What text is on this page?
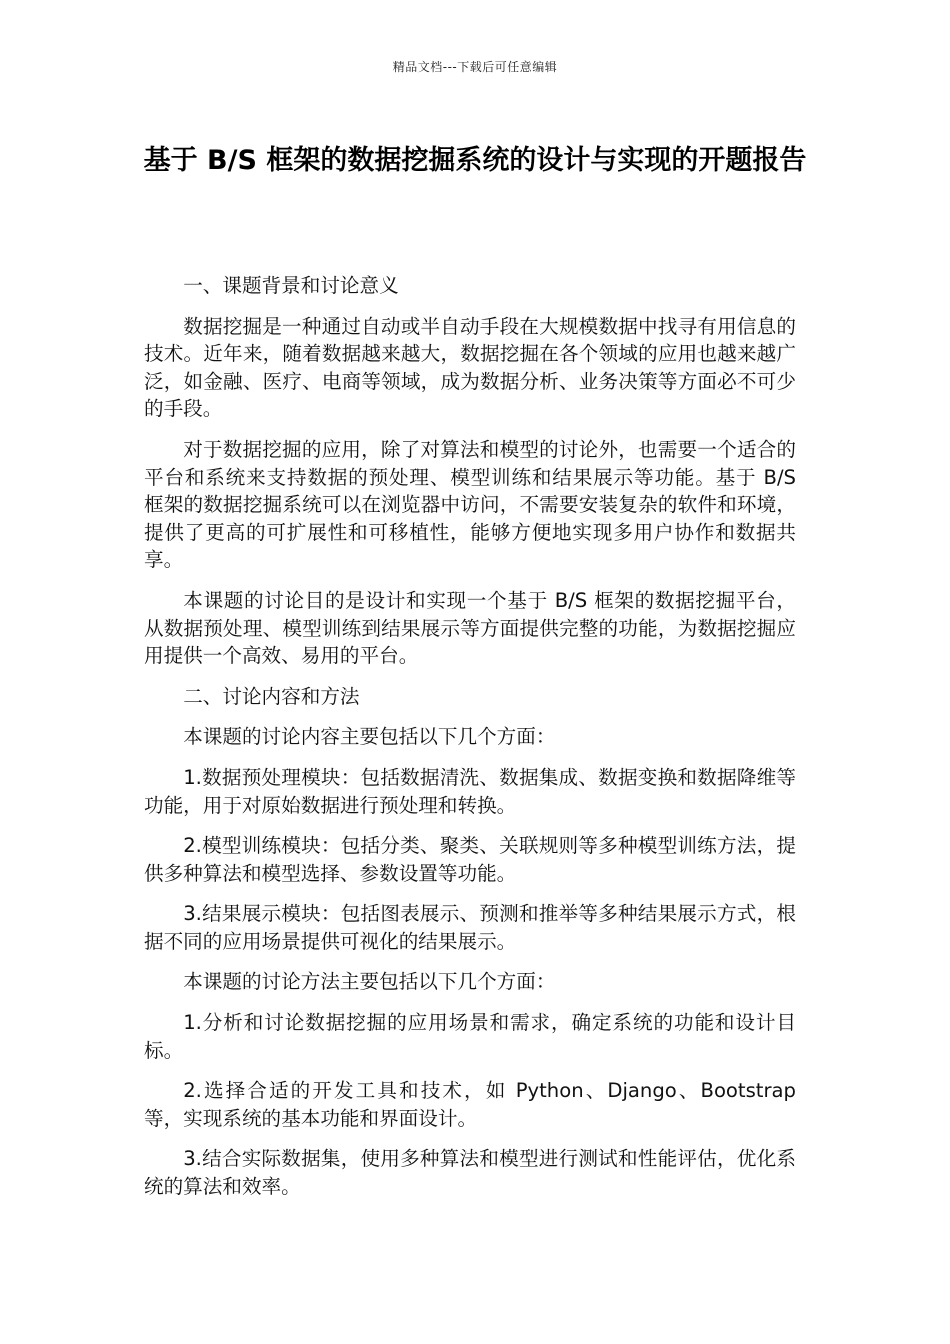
精品文档---下载后可任意编辑
基于 B/S 框架的数据挖掘系统的设计与实现的开题报告

一、课题背景和讨论意义

数据挖掘是一种通过自动或半自动手段在大规模数据中找寻有用信息的技术。近年来，随着数据越来越大，数据挖掘在各个领域的应用也越来越广泛，如金融、医疗、电商等领域，成为数据分析、业务决策等方面必不可少的手段。

对于数据挖掘的应用，除了对算法和模型的讨论外，也需要一个适合的平台和系统来支持数据的预处理、模型训练和结果展示等功能。基于 B/S 框架的数据挖掘系统可以在浏览器中访问，不需要安装复杂的软件和环境，提供了更高的可扩展性和可移植性，能够方便地实现多用户协作和数据共享。

本课题的讨论目的是设计和实现一个基于 B/S 框架的数据挖掘平台，从数据预处理、模型训练到结果展示等方面提供完整的功能，为数据挖掘应用提供一个高效、易用的平台。

二、讨论内容和方法

本课题的讨论内容主要包括以下几个方面：

1.数据预处理模块：包括数据清洗、数据集成、数据变换和数据降维等功能，用于对原始数据进行预处理和转换。

2.模型训练模块：包括分类、聚类、关联规则等多种模型训练方法，提供多种算法和模型选择、参数设置等功能。

3.结果展示模块：包括图表展示、预测和推举等多种结果展示方式，根据不同的应用场景提供可视化的结果展示。

本课题的讨论方法主要包括以下几个方面：

1.分析和讨论数据挖掘的应用场景和需求，确定系统的功能和设计目标。

2.选择合适的开发工具和技术，如 Python、Django、Bootstrap 等，实现系统的基本功能和界面设计。

3.结合实际数据集，使用多种算法和模型进行测试和性能评估，优化系统的算法和效率。
